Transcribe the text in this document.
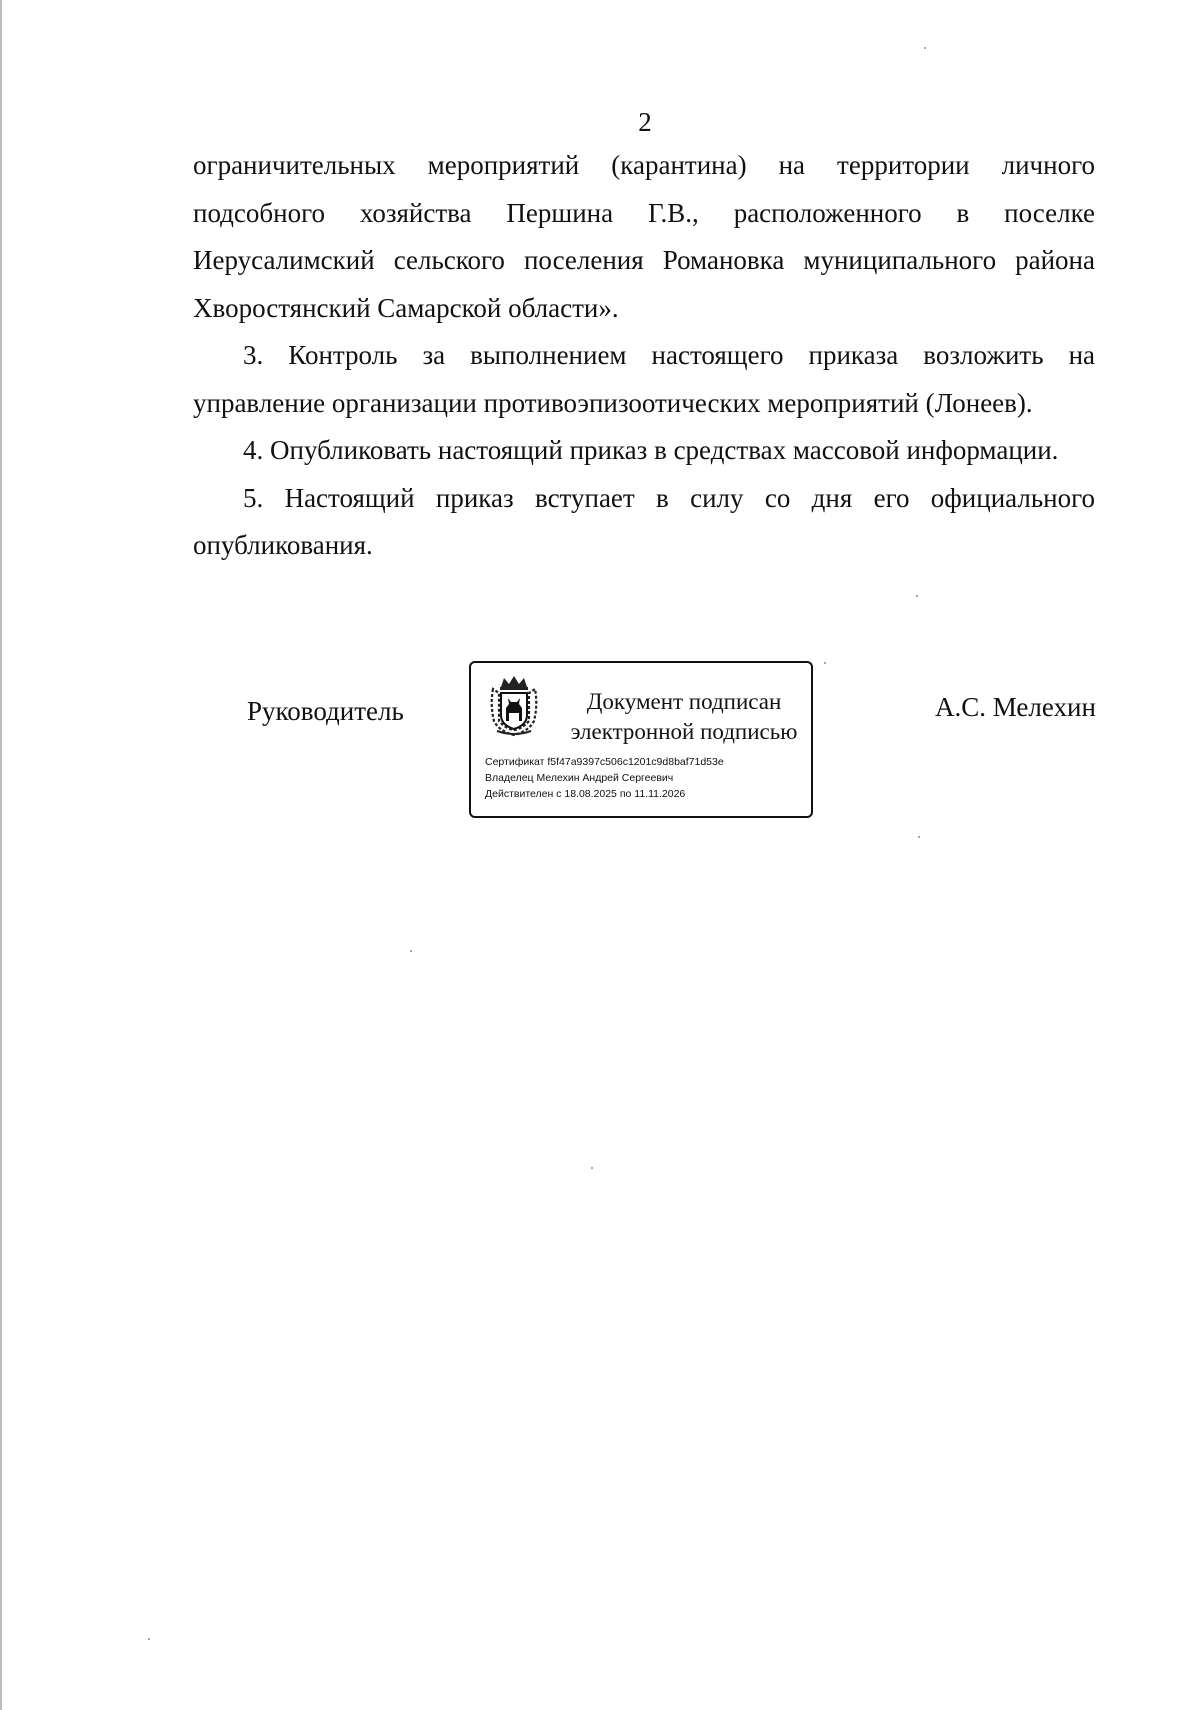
2

ограничительных мероприятий (карантина) на территории личного подсобного хозяйства Першина Г.В., расположенного в поселке Иерусалимский сельского поселения Романовка муниципального района Хворостянский Самарской области».

3. Контроль за выполнением настоящего приказа возложить на управление организации противоэпизоотических мероприятий (Лонеев).

4. Опубликовать настоящий приказ в средствах массовой информации.

5. Настоящий приказ вступает в силу со дня его официального опубликования.

Руководитель	Документ подписан
электронной подписью
Сертификат f5f47a9397c506c1201c9d8baf71d53e
Владелец Мелехин Андрей Сергеевич
Действителен с 18.08.2025 по 11.11.2026
А.С. Мелехин
